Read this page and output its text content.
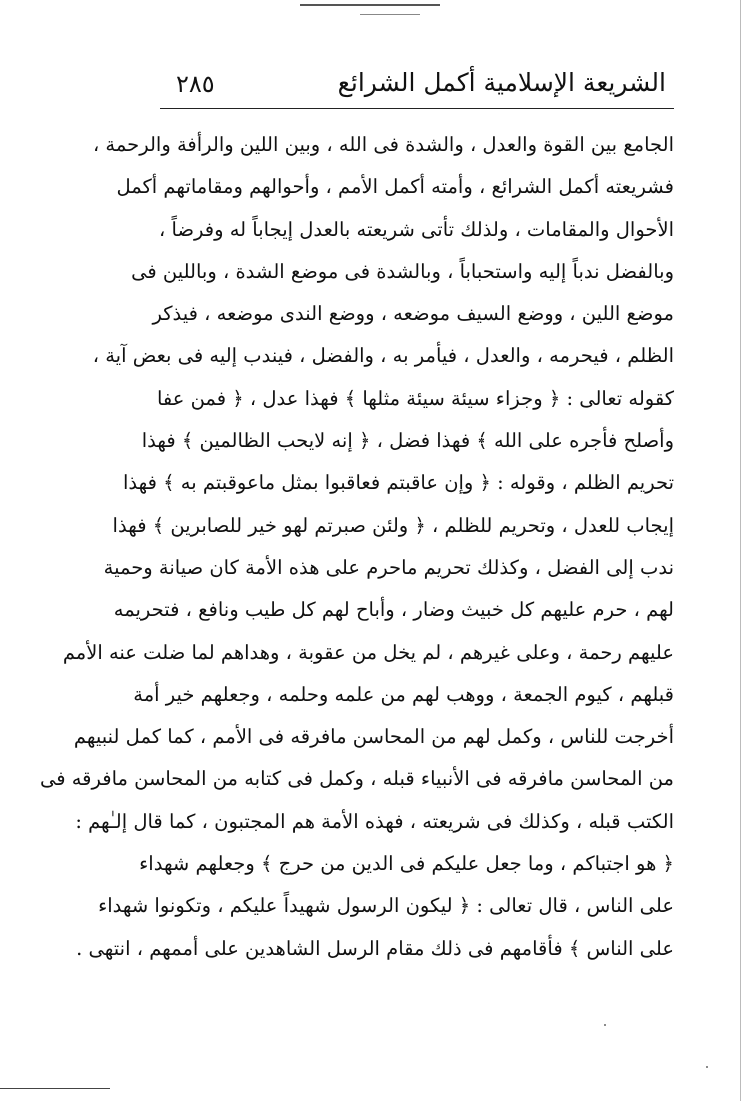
الشريعة الإسلامية أكمل الشرائع
٢٨٥
الجامع بين القوة والعدل ، والشدة فى الله ، وبين اللين والرأفة والرحمة ،
فشريعته أكمل الشرائع ، وأمته أكمل الأمم ، وأحوالهم ومقاماتهم أكمل
الأحوال والمقامات ، ولذلك تأتى شريعته بالعدل إيجاباً له وفرضاً ،
وبالفضل ندباً إليه واستحباباً ، وبالشدة فى موضع الشدة ، وباللين فى
موضع اللين ، ووضع السيف موضعه ، ووضع الندى موضعه ، فيذكر
الظلم ، فيحرمه ، والعدل ، فيأمر به ، والفضل ، فيندب إليه فى بعض آية ،
كقوله تعالى : ﴿ وجزاء سيئة سيئة مثلها ﴾ فهذا عدل ، ﴿ فمن عفا
وأصلح فأجره على الله ﴾ فهذا فضل ، ﴿ إنه لايحب الظالمين ﴾ فهذا
تحريم الظلم ، وقوله : ﴿ وإن عاقبتم فعاقبوا بمثل ماعوقبتم به ﴾ فهذا
إيجاب للعدل ، وتحريم للظلم ، ﴿ ولئن صبرتم لهو خير للصابرين ﴾ فهذا
ندب إلى الفضل ، وكذلك تحريم ماحرم على هذه الأمة كان صيانة وحمية
لهم ، حرم عليهم كل خبيث وضار ، وأباح لهم كل طيب ونافع ، فتحريمه
عليهم رحمة ، وعلى غيرهم ، لم يخل من عقوبة ، وهداهم لما ضلت عنه الأمم
قبلهم ، كيوم الجمعة ، ووهب لهم من علمه وحلمه ، وجعلهم خير أمة
أخرجت للناس ، وكمل لهم من المحاسن مافرقه فى الأمم ، كما كمل لنبيهم
من المحاسن مافرقه فى الأنبياء قبله ، وكمل فى كتابه من المحاسن مافرقه فى
الكتب قبله ، وكذلك فى شريعته ، فهذه الأمة هم المجتبون ، كما قال إلـٰهم :
﴿ هو اجتباكم ، وما جعل عليكم فى الدين من حرج ﴾ وجعلهم شهداء
على الناس ، قال تعالى : ﴿ ليكون الرسول شهيداً عليكم ، وتكونوا شهداء
على الناس ﴾ فأقامهم فى ذلك مقام الرسل الشاهدين على أممهم ، انتهى .
